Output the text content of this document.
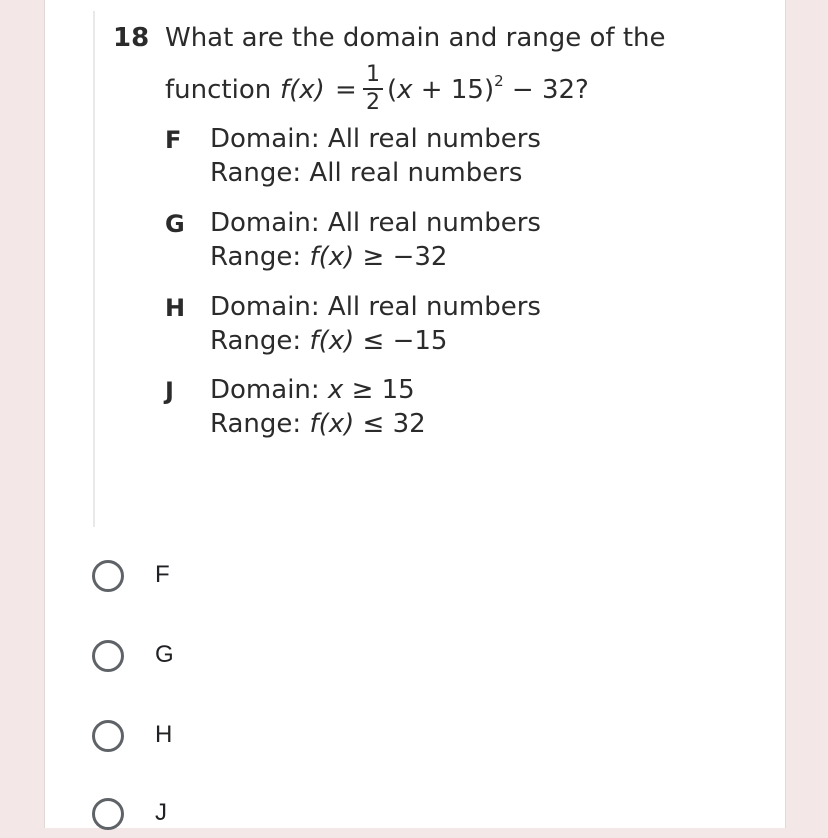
18 What are the domain and range of the
function f(x) =
1
2 $(x + 15)^2 - 32$?
F Domain: All real numbers
Range: All real numbers
G Domain: All real numbers
Range: f(x) ≥ −32
H Domain: All real numbers
Range: f(x) ≤ −15
J Domain: x ≥ 15
Range: f(x) ≤ 32
F
G
H
J
